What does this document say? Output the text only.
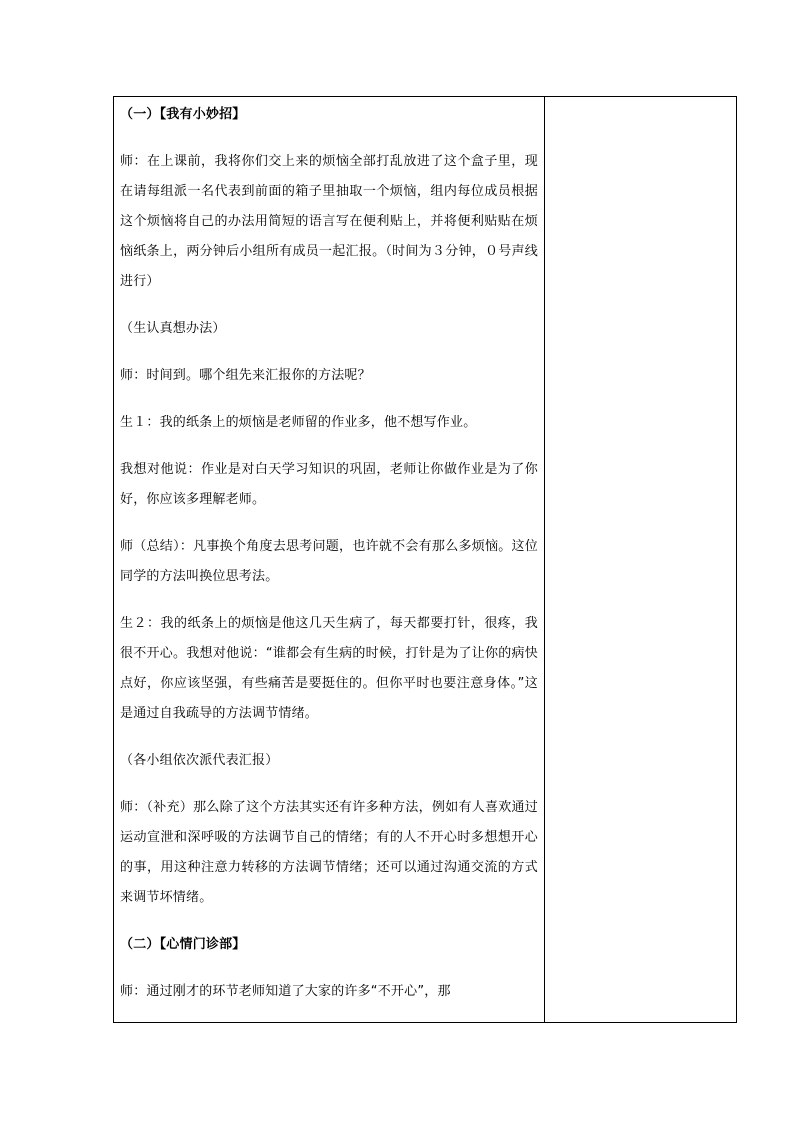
（一）【我有小妙招】

师：在上课前，我将你们交上来的烦恼全部打乱放进了这个盒子里，现在请每组派一名代表到前面的箱子里抽取一个烦恼，组内每位成员根据这个烦恼将自己的办法用简短的语言写在便利贴上，并将便利贴贴在烦恼纸条上，两分钟后小组所有成员一起汇报。（时间为３分钟，０号声线进行）

（生认真想办法）

师：时间到。哪个组先来汇报你的方法呢？

生１：我的纸条上的烦恼是老师留的作业多，他不想写作业。

我想对他说：作业是对白天学习知识的巩固，老师让你做作业是为了你好，你应该多理解老师。

师（总结）：凡事换个角度去思考问题，也许就不会有那么多烦恼。这位同学的方法叫换位思考法。

生２：我的纸条上的烦恼是他这几天生病了，每天都要打针，很疼，我很不开心。我想对他说：“谁都会有生病的时候，打针是为了让你的病快点好，你应该坚强，有些痛苦是要挺住的。但你平时也要注意身体。”这是通过自我疏导的方法调节情绪。

（各小组依次派代表汇报）

师：（补充）那么除了这个方法其实还有许多种方法，例如有人喜欢通过运动宣泄和深呼吸的方法调节自己的情绪；有的人不开心时多想想开心的事，用这种注意力转移的方法调节情绪；还可以通过沟通交流的方式来调节坏情绪。

（二）【心情门诊部】

师：通过刚才的环节老师知道了大家的许多“不开心”，那
